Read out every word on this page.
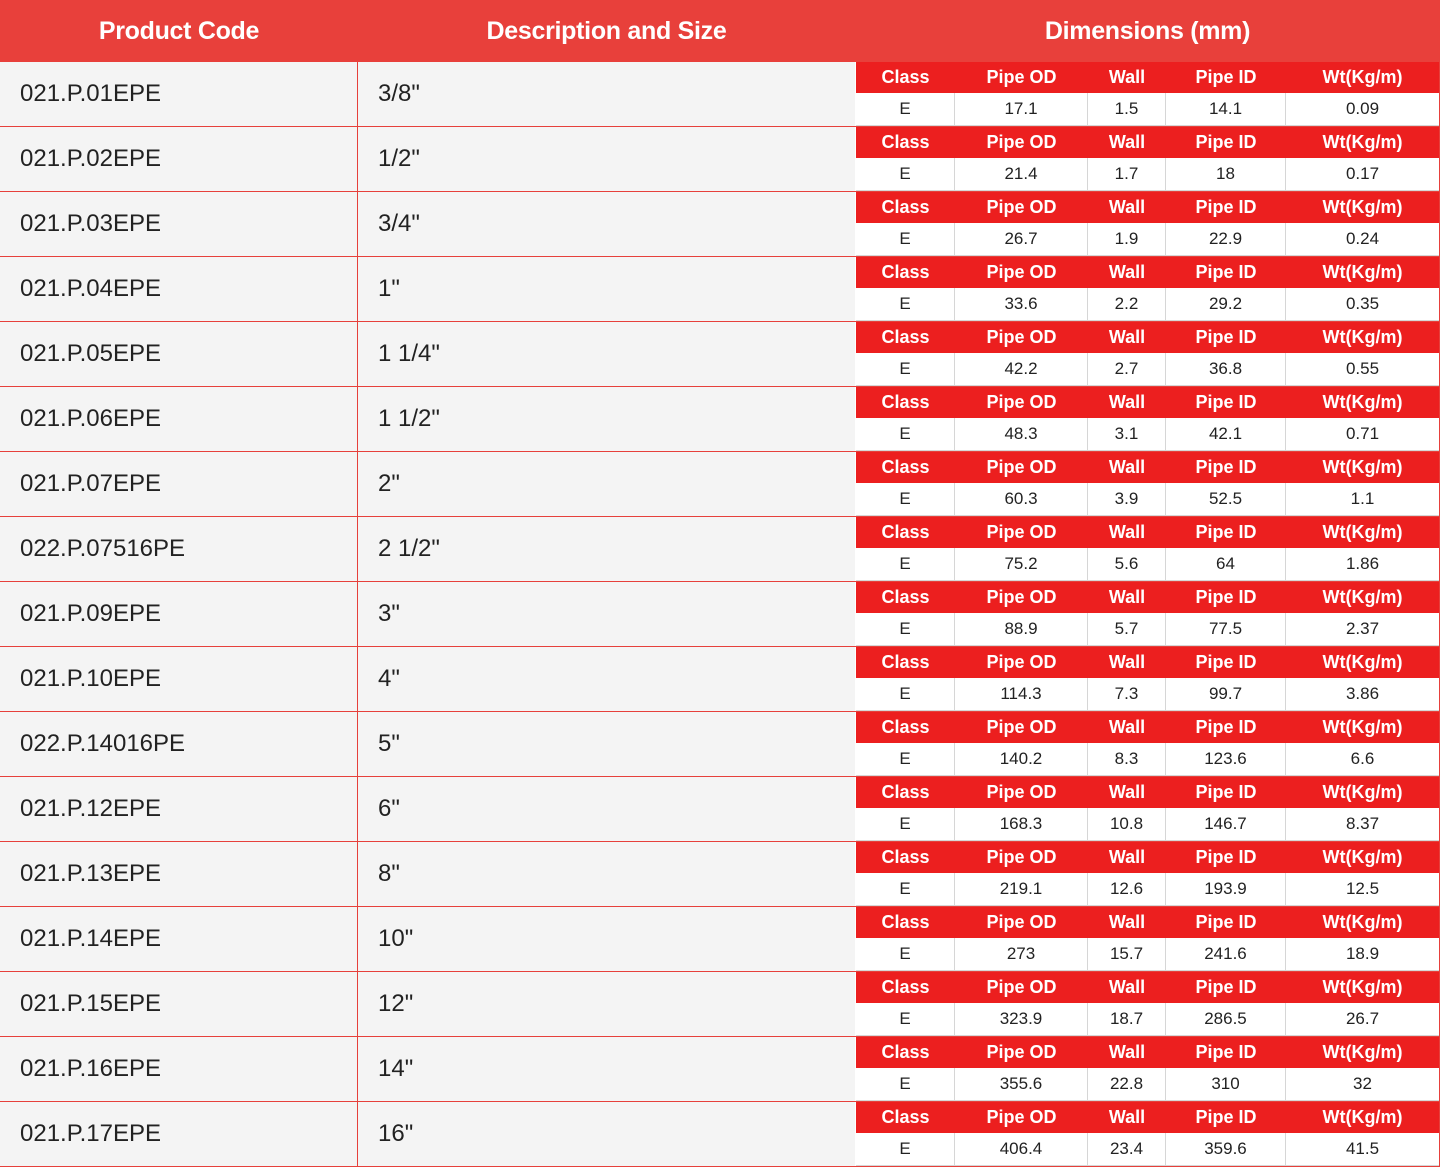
Product Code	Description and Size	Dimensions (mm)
021.P.01EPE	3/8"
Class	Pipe OD	Wall	Pipe ID	Wt(Kg/m)
E	17.1	1.5	14.1	0.09
021.P.02EPE	1/2"
Class	Pipe OD	Wall	Pipe ID	Wt(Kg/m)
E	21.4	1.7	18	0.17
021.P.03EPE	3/4"
Class	Pipe OD	Wall	Pipe ID	Wt(Kg/m)
E	26.7	1.9	22.9	0.24
021.P.04EPE	1"
Class	Pipe OD	Wall	Pipe ID	Wt(Kg/m)
E	33.6	2.2	29.2	0.35
021.P.05EPE	1 1/4"
Class	Pipe OD	Wall	Pipe ID	Wt(Kg/m)
E	42.2	2.7	36.8	0.55
021.P.06EPE	1 1/2"
Class	Pipe OD	Wall	Pipe ID	Wt(Kg/m)
E	48.3	3.1	42.1	0.71
021.P.07EPE	2"
Class	Pipe OD	Wall	Pipe ID	Wt(Kg/m)
E	60.3	3.9	52.5	1.1
022.P.07516PE	2 1/2"
Class	Pipe OD	Wall	Pipe ID	Wt(Kg/m)
E	75.2	5.6	64	1.86
021.P.09EPE	3"
Class	Pipe OD	Wall	Pipe ID	Wt(Kg/m)
E	88.9	5.7	77.5	2.37
021.P.10EPE	4"
Class	Pipe OD	Wall	Pipe ID	Wt(Kg/m)
E	114.3	7.3	99.7	3.86
022.P.14016PE	5"
Class	Pipe OD	Wall	Pipe ID	Wt(Kg/m)
E	140.2	8.3	123.6	6.6
021.P.12EPE	6"
Class	Pipe OD	Wall	Pipe ID	Wt(Kg/m)
E	168.3	10.8	146.7	8.37
021.P.13EPE	8"
Class	Pipe OD	Wall	Pipe ID	Wt(Kg/m)
E	219.1	12.6	193.9	12.5
021.P.14EPE	10"
Class	Pipe OD	Wall	Pipe ID	Wt(Kg/m)
E	273	15.7	241.6	18.9
021.P.15EPE	12"
Class	Pipe OD	Wall	Pipe ID	Wt(Kg/m)
E	323.9	18.7	286.5	26.7
021.P.16EPE	14"
Class	Pipe OD	Wall	Pipe ID	Wt(Kg/m)
E	355.6	22.8	310	32
021.P.17EPE	16"
Class	Pipe OD	Wall	Pipe ID	Wt(Kg/m)
E	406.4	23.4	359.6	41.5
